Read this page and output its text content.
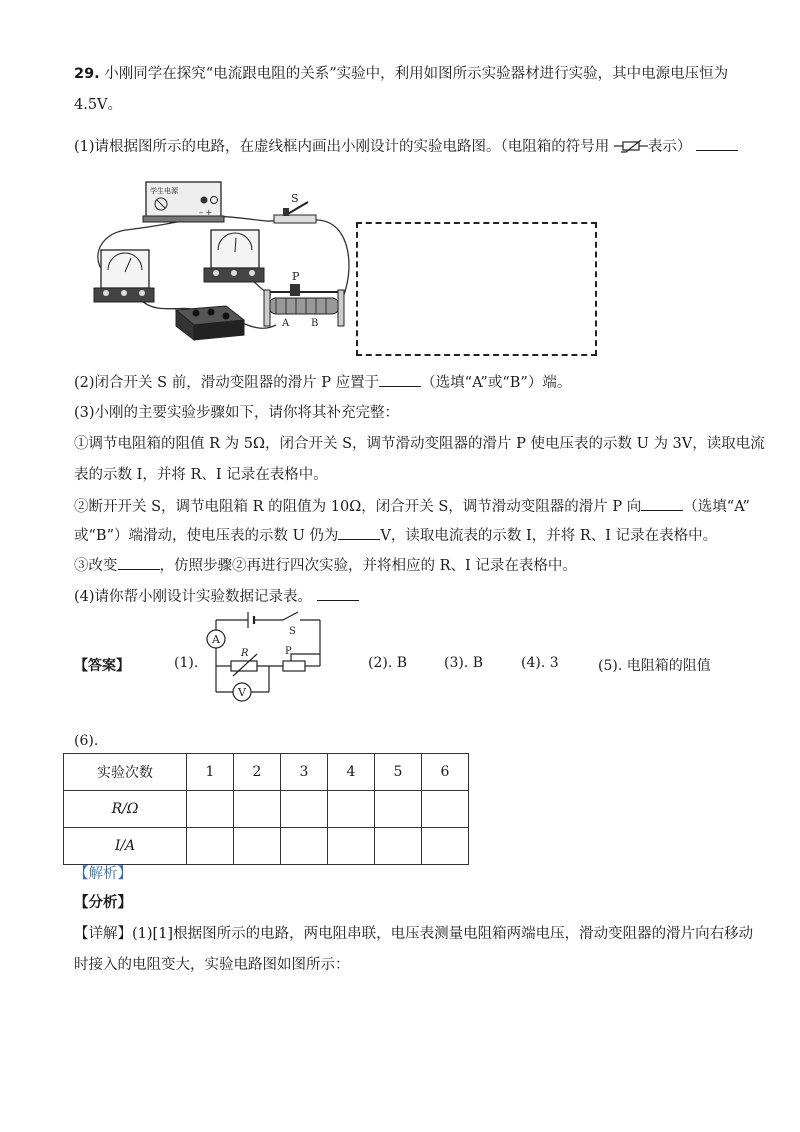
29. 小刚同学在探究“电流跟电阻的关系”实验中，利用如图所示实验器材进行实验，其中电源电压恒为
4.5V。
(1)请根据图所示的电路，在虚线框内画出小刚设计的实验电路图。（电阻箱的符号用	表示）
学生电源
– +
S
P
A B
(2)闭合开关 S 前，滑动变阻器的滑片 P 应置于	（选填“A”或“B”）端。
(3)小刚的主要实验步骤如下，请你将其补充完整：
①调节电阻箱的阻值 R 为 5Ω，闭合开关 S，调节滑动变阻器的滑片 P 使电压表的示数 U 为 3V，读取电流
表的示数 I，并将 R、I 记录在表格中。
②断开开关 S，调节电阻箱 R 的阻值为 10Ω，闭合开关 S，调节滑动变阻器的滑片 P 向	（选填“A”
或“B”）端滑动，使电压表的示数 U 仍为	V，读取电流表的示数 I，并将 R、I 记录在表格中。
③改变	，仿照步骤②再进行四次实验，并将相应的 R、I 记录在表格中。
(4)请你帮小刚设计实验数据记录表。
【答案】	(1).	(2). B	(3). B	(4). 3	(5). 电阻箱的阻值
A
V
S
R	P
(6).
实验次数	1	2	3	4	5	6
R/Ω						
I/A						
【解析】
【分析】
【详解】(1)[1]根据图所示的电路，两电阻串联，电压表测量电阻箱两端电压，滑动变阻器的滑片向右移动
时接入的电阻变大，实验电路图如图所示：
